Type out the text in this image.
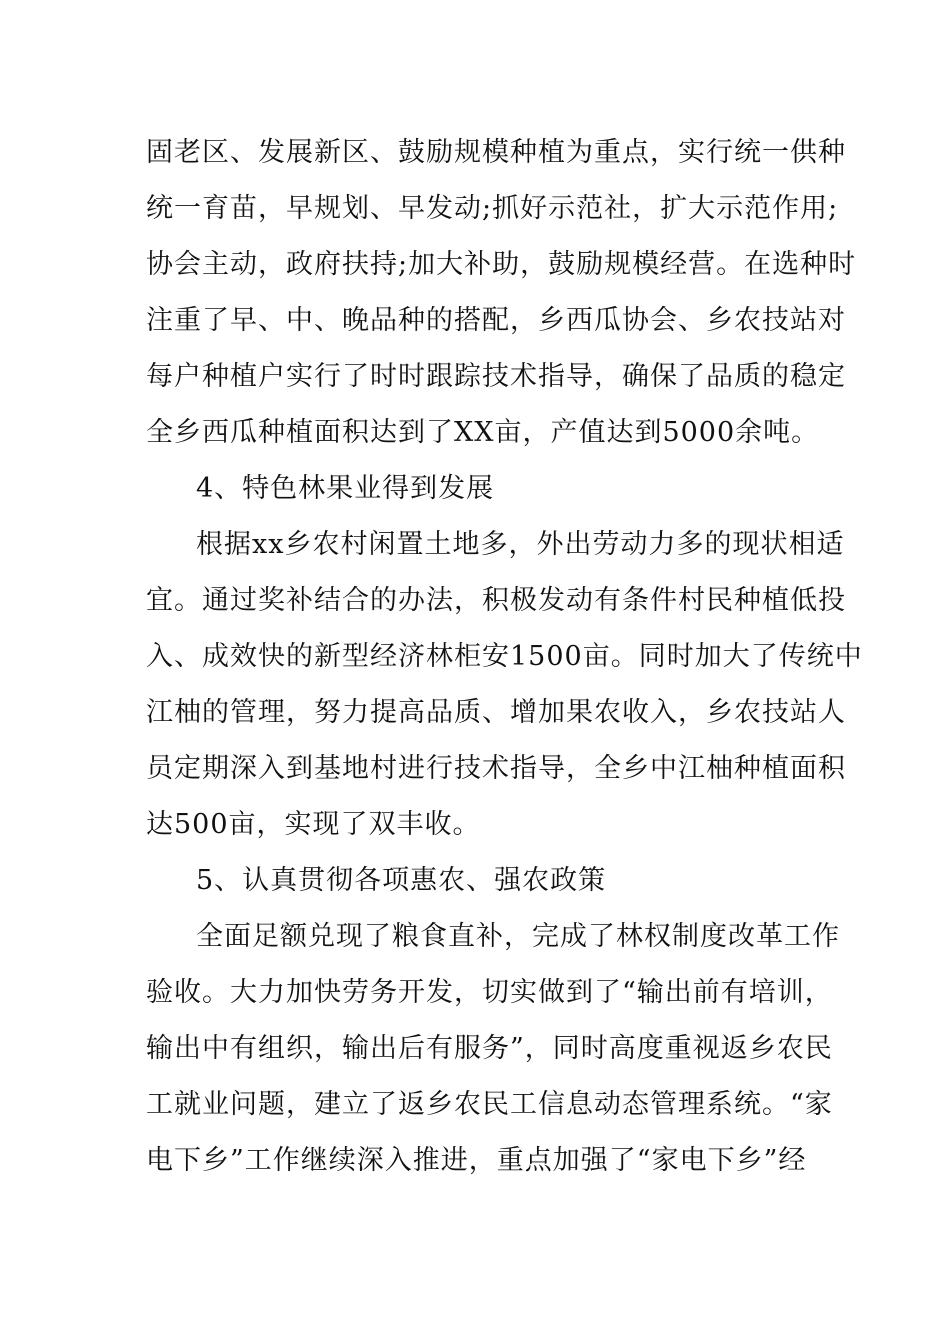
固老区、发展新区、鼓励规模种植为重点，实行统一供种
统一育苗，早规划、早发动;抓好示范社，扩大示范作用;
协会主动，政府扶持;加大补助，鼓励规模经营。在选种时
注重了早、中、晚品种的搭配，乡西瓜协会、乡农技站对
每户种植户实行了时时跟踪技术指导，确保了品质的稳定
全乡西瓜种植面积达到了XX亩，产值达到5000余吨。
4、特色林果业得到发展
根据xx乡农村闲置土地多，外出劳动力多的现状相适
宜。通过奖补结合的办法，积极发动有条件村民种植低投
入、成效快的新型经济林柜安1500亩。同时加大了传统中
江柚的管理，努力提高品质、增加果农收入，乡农技站人
员定期深入到基地村进行技术指导，全乡中江柚种植面积
达500亩，实现了双丰收。
5、认真贯彻各项惠农、强农政策
全面足额兑现了粮食直补，完成了林权制度改革工作
验收。大力加快劳务开发，切实做到了“输出前有培训，
输出中有组织，输出后有服务”，同时高度重视返乡农民
工就业问题，建立了返乡农民工信息动态管理系统。“家
电下乡”工作继续深入推进，重点加强了“家电下乡”经
